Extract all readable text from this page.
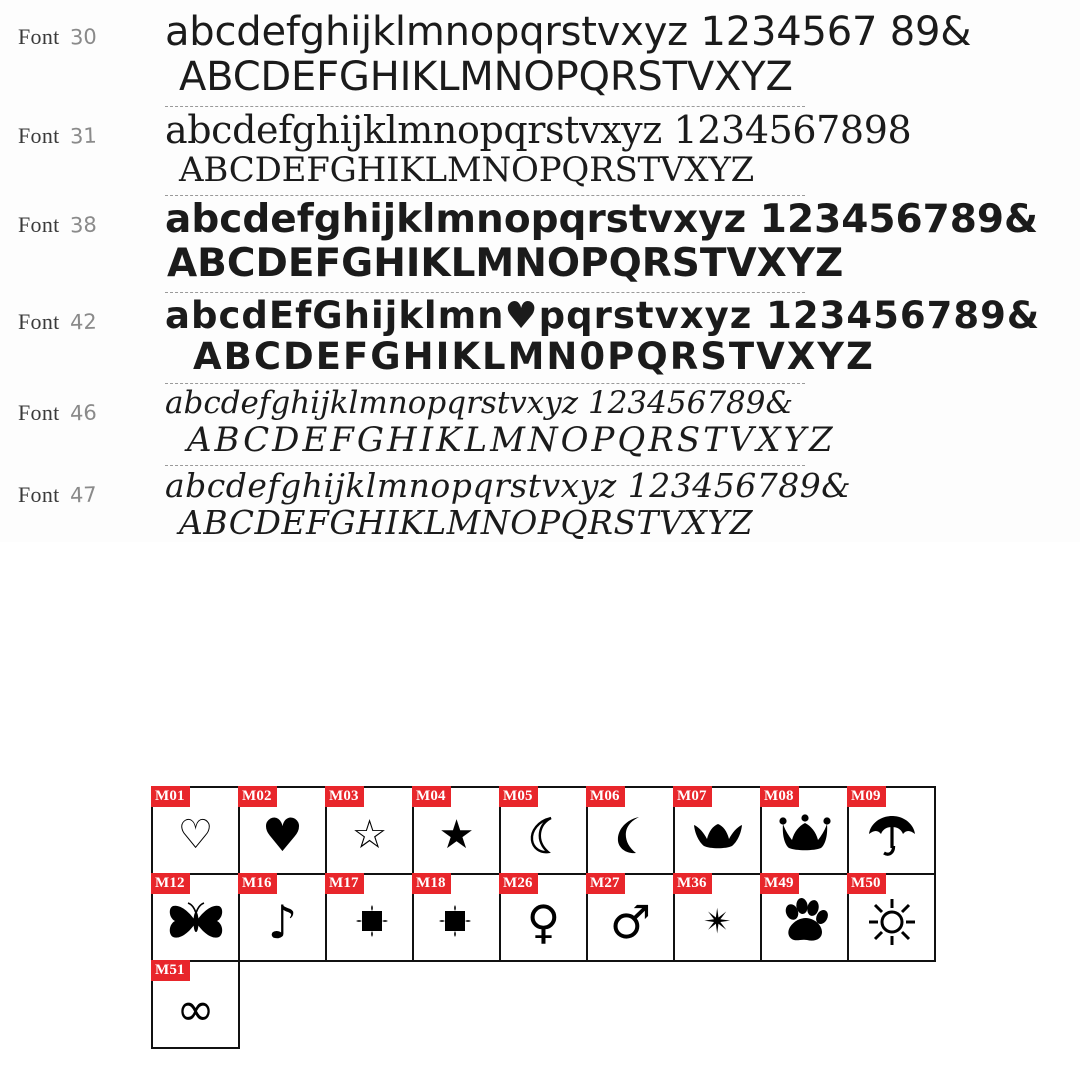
Font 30 abcdefghijklmnopqrstvxyz 1234567 89&
ABCDEFGHIKLMNOPQRSTVXYZ
Font 31 abcdefghijklmnopqrstvxyz 1234567898
ABCDEFGHIKLMNOPQRSTVXYZ
Font 38 abcdefghijklmnopqrstvxyz 123456789&
ABCDEFGHIKLMNOPQRSTVXYZ
Font 42 abcdEfGhijklmn♥pqrstvxyz 123456789&
ABCDEFGHIKLMN0PQRSTVXYZ
Font 46 abcdefghijklmnopqrstvxyz 123456789&
ABCDEFGHIKLMNOPQRSTVXYZ
Font 47 abcdefghijklmnopqrstvxyz 123456789&
ABCDEFGHIKLMNOPQRSTVXYZ
M01
♡
M02
♥
M03
☆
M04
★
M05	M06	M07	M08	M09
M12	M16
♪
M17	M18	M26
♀
M27
♂
M36
✴
M49	M50
M51
∞
